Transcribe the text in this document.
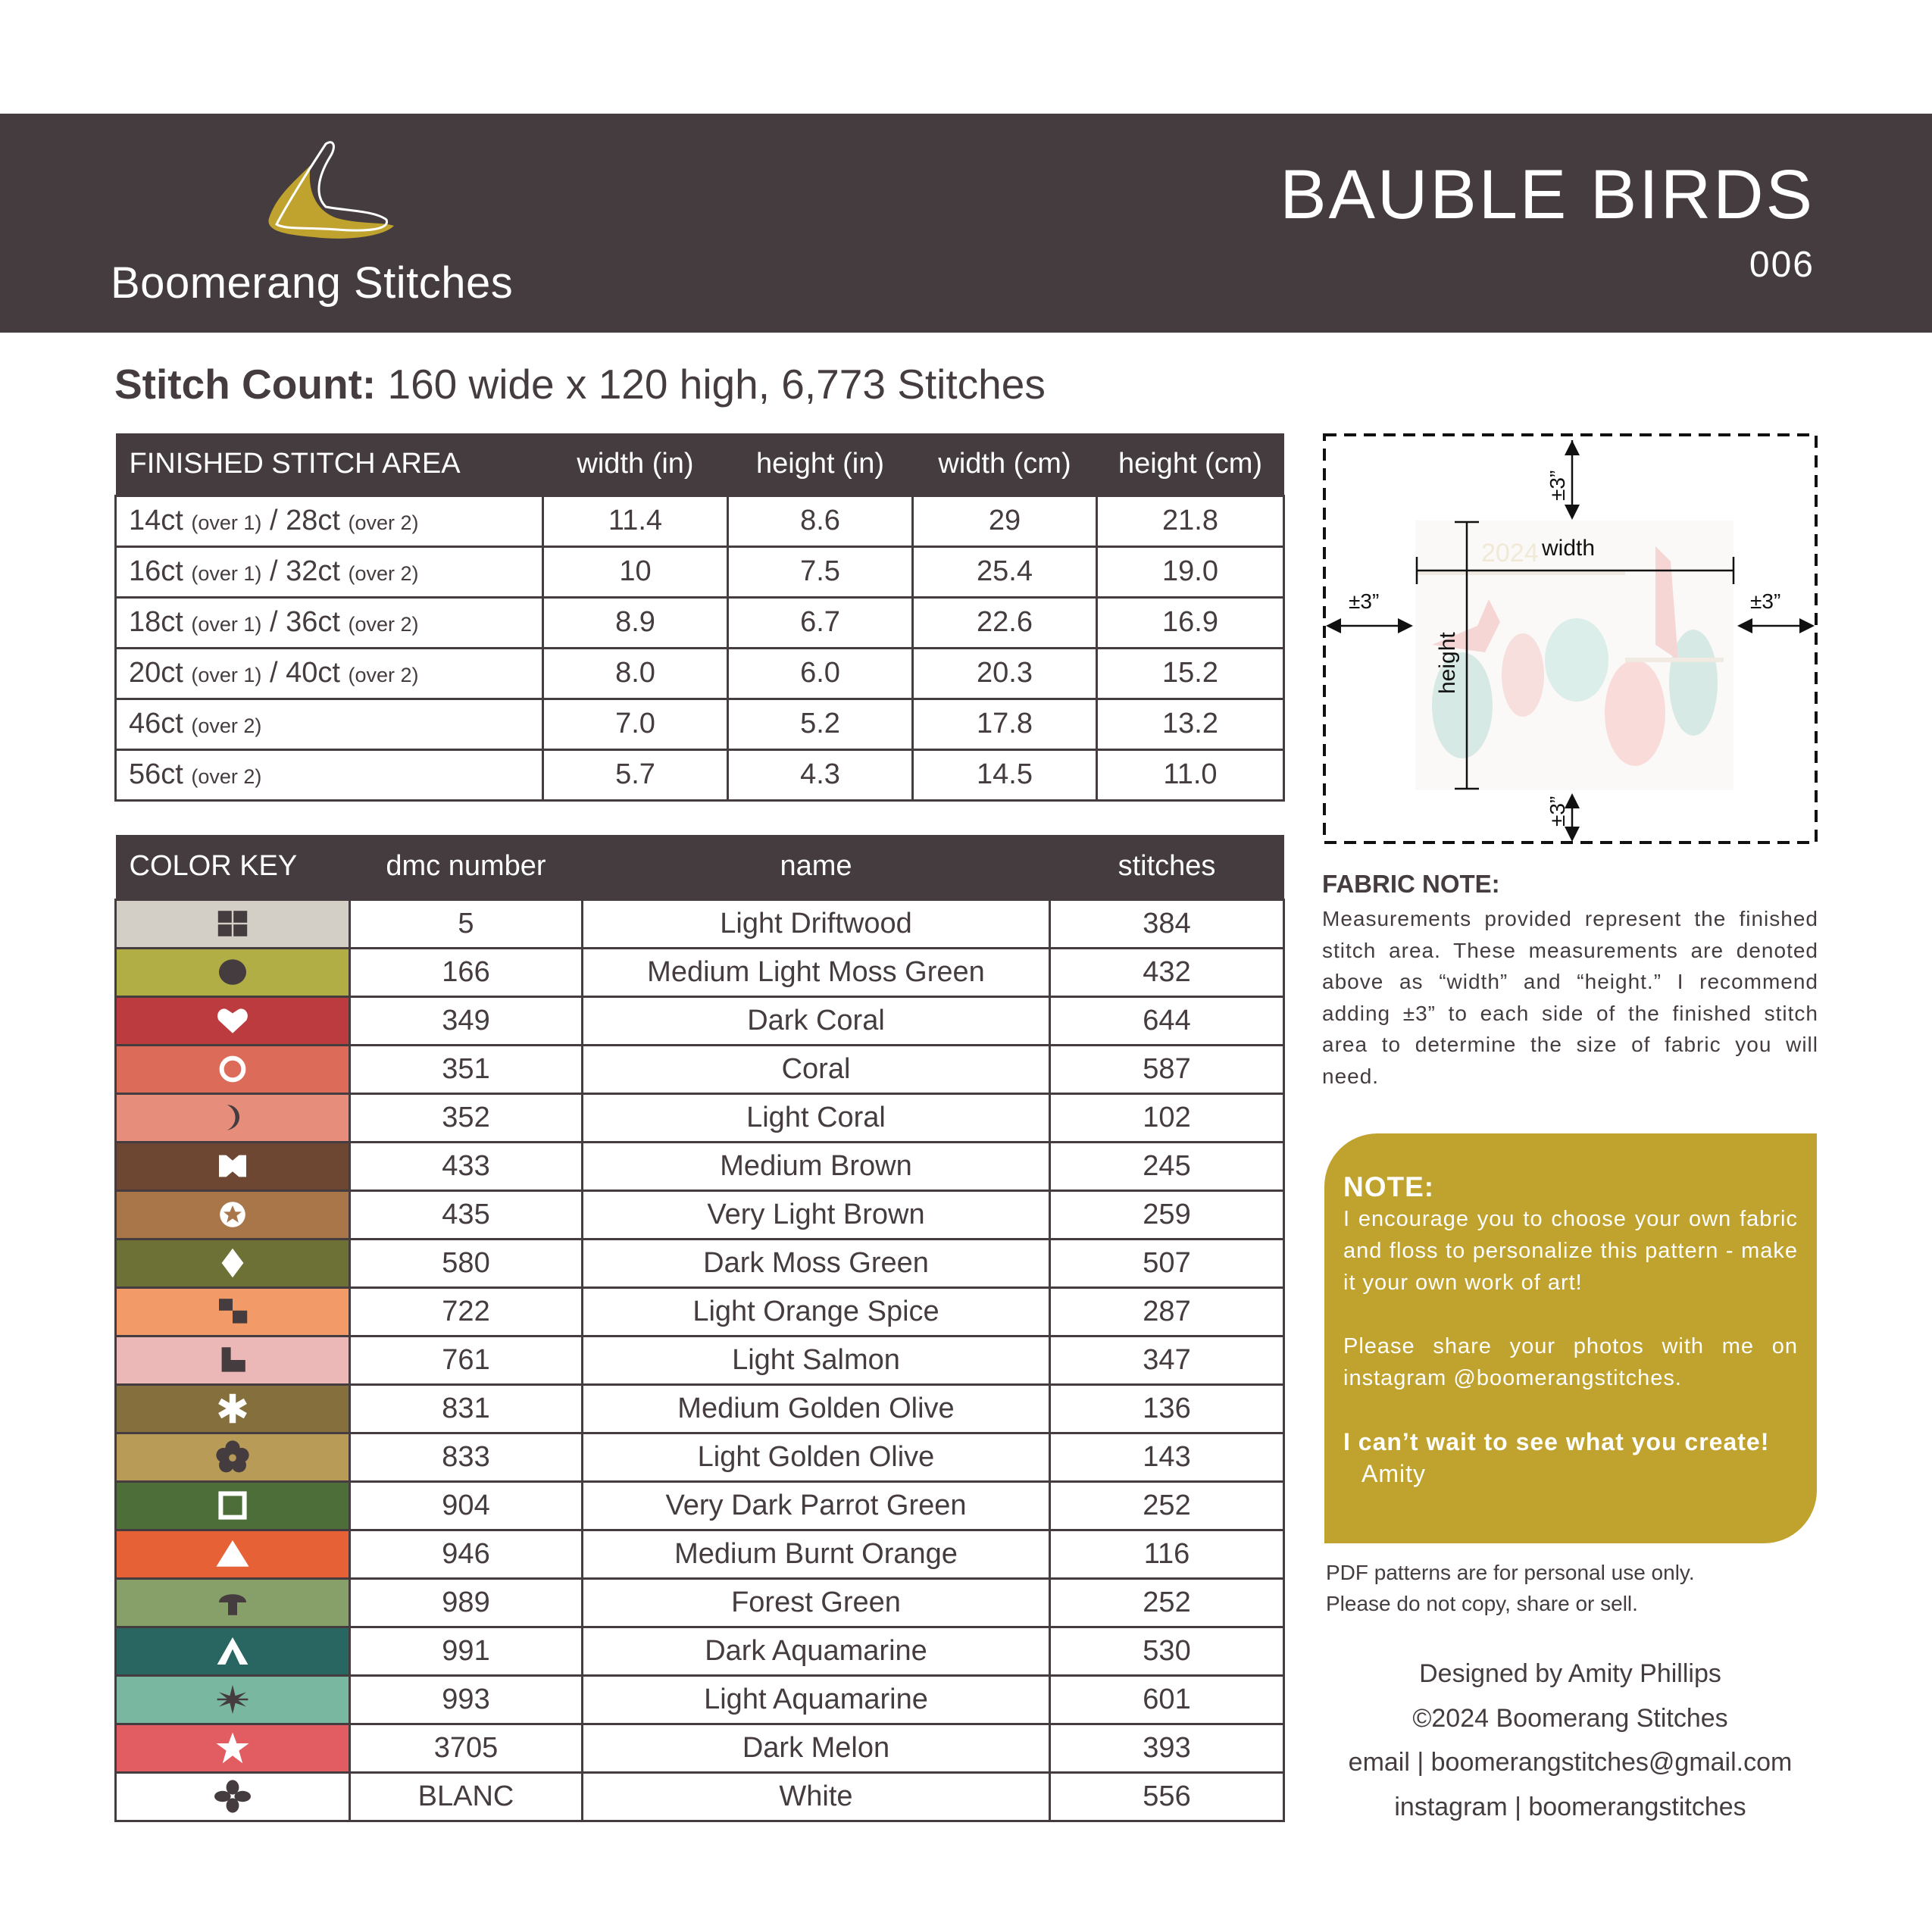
Boomerang Stitches
BAUBLE BIRDS
006
Stitch Count: 160 wide x 120 high, 6,773 Stitches
FINISHED STITCH AREA	width (in)	height (in)	width (cm)	height (cm)
14ct (over 1) / 28ct (over 2)	11.4	8.6	29	21.8
16ct (over 1) / 32ct (over 2)	10	7.5	25.4	19.0
18ct (over 1) / 36ct (over 2)	8.9	6.7	22.6	16.9
20ct (over 1) / 40ct (over 2)	8.0	6.0	20.3	15.2
46ct (over 2)	7.0	5.2	17.8	13.2
56ct (over 2)	5.7	4.3	14.5	11.0
COLOR KEY	dmc number	name	stitches

	5	Light Driftwood	384

	166	Medium Light Moss Green	432

	349	Dark Coral	644

	351	Coral	587

	352	Light Coral	102

	433	Medium Brown	245

	435	Very Light Brown	259

	580	Dark Moss Green	507

	722	Light Orange Spice	287

	761	Light Salmon	347

	831	Medium Golden Olive	136

	833	Light Golden Olive	143

	904	Very Dark Parrot Green	252

	946	Medium Burnt Orange	116

	989	Forest Green	252

	991	Dark Aquamarine	530

	993	Light Aquamarine	601

	3705	Dark Melon	393

	BLANC	White	556
2024 width
height
±3”	±3”
±3”
±3”
FABRIC NOTE:
Measurements provided represent the finished stitch area. These measurements are denoted above as “width” and “height.” I recommend adding ±3” to each side of the finished stitch area to determine the size of fabric you will need.
NOTE:
I encourage you to choose your own fabric and floss to personalize this pattern - make it your own work of art!
Please share your photos with me on instagram @boomerangstitches.
I can’t wait to see what you create!
Amity
PDF patterns are for personal use only.
Please do not copy, share or sell.
Designed by Amity Phillips
©2024 Boomerang Stitches
email | boomerangstitches@gmail.com
instagram | boomerangstitches
